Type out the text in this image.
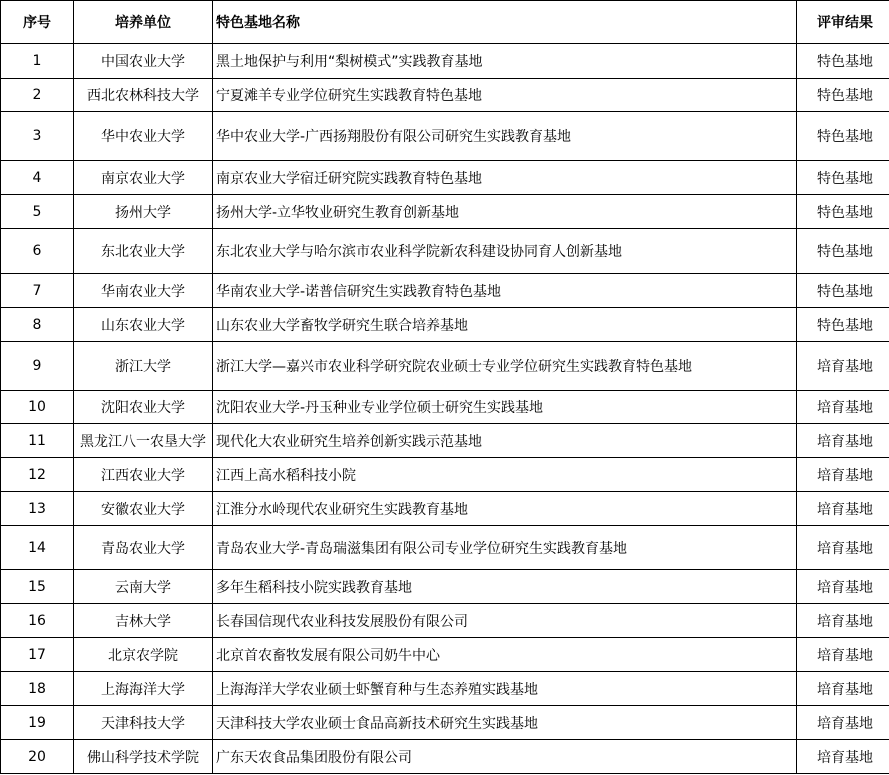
序号	培养单位	特色基地名称	评审结果
1	中国农业大学	黑土地保护与利用“梨树模式”实践教育基地	特色基地
2	西北农林科技大学	宁夏滩羊专业学位研究生实践教育特色基地	特色基地
3	华中农业大学	华中农业大学-广西扬翔股份有限公司研究生实践教育基地	特色基地
4	南京农业大学	南京农业大学宿迁研究院实践教育特色基地	特色基地
5	扬州大学	扬州大学-立华牧业研究生教育创新基地	特色基地
6	东北农业大学	东北农业大学与哈尔滨市农业科学院新农科建设协同育人创新基地	特色基地
7	华南农业大学	华南农业大学-诺普信研究生实践教育特色基地	特色基地
8	山东农业大学	山东农业大学畜牧学研究生联合培养基地	特色基地
9	浙江大学	浙江大学—嘉兴市农业科学研究院农业硕士专业学位研究生实践教育特色基地	培育基地
10	沈阳农业大学	沈阳农业大学-丹玉种业专业学位硕士研究生实践基地	培育基地
11	黑龙江八一农垦大学	现代化大农业研究生培养创新实践示范基地	培育基地
12	江西农业大学	江西上高水稻科技小院	培育基地
13	安徽农业大学	江淮分水岭现代农业研究生实践教育基地	培育基地
14	青岛农业大学	青岛农业大学-青岛瑞滋集团有限公司专业学位研究生实践教育基地	培育基地
15	云南大学	多年生稻科技小院实践教育基地	培育基地
16	吉林大学	长春国信现代农业科技发展股份有限公司	培育基地
17	北京农学院	北京首农畜牧发展有限公司奶牛中心	培育基地
18	上海海洋大学	上海海洋大学农业硕士虾蟹育种与生态养殖实践基地	培育基地
19	天津科技大学	天津科技大学农业硕士食品高新技术研究生实践基地	培育基地
20	佛山科学技术学院	广东天农食品集团股份有限公司	培育基地
